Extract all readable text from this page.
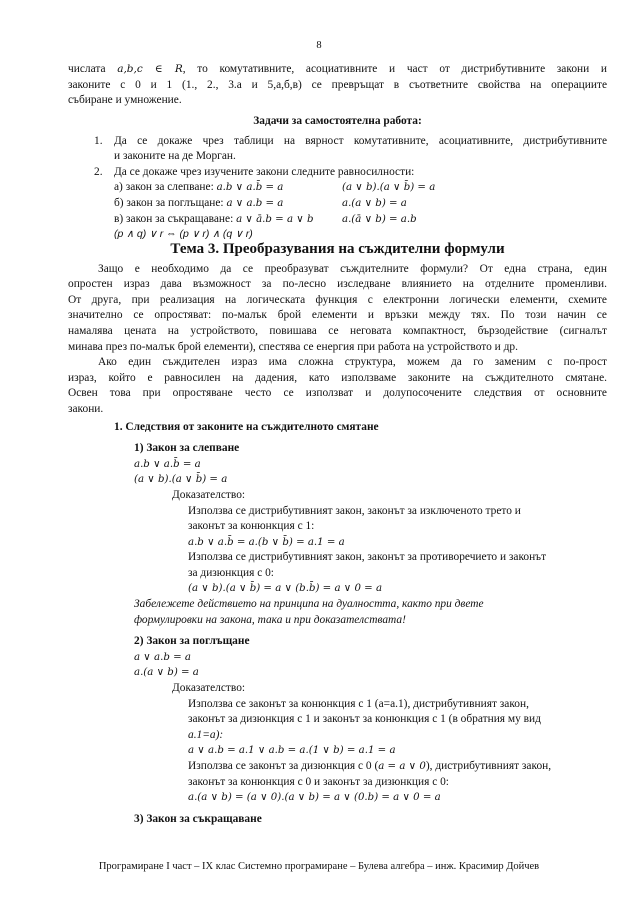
8

числата a,b,c ∈ R, то комутативните, асоциативните и част от дистрибутивните закони и

законите с 0 и 1 (1., 2., 3.а и 5,а,б,в) се превръщат в съответните свойства на операциите

събиране и умножение.

Задачи за самостоятелна работа:

1. Да се докаже чрез таблици на вярност комутативните, асоциативните, дистрибутивните

и законите на де Морган.

2. Да се докаже чрез изучените закони следните равносилности:

а) закон за слепване: a.b ∨ a.b̄ = a	(a ∨ b).(a ∨ b̄) = a
б) закон за поглъщане: a ∨ a.b = a	a.(a ∨ b) = a
в) закон за съкращаване: a ∨ ā.b = a ∨ b	a.(ā ∨ b) = a.b

(p ∧ q) ∨ r ⇔ (p ∨ r) ∧ (q ∨ r)

Тема 3. Преобразувания на съждителни формули

Защо е необходимо да се преобразуват съждителните формули? От една страна, един

опростен израз дава възможност за по-лесно изследване влиянието на отделните променливи.

От друга, при реализация на логическата функция с електронни логически елементи, схемите

значително се опростяват: по-малък брой елементи и връзки между тях. По този начин се

намалява цената на устройството, повишава се неговата компактност, бързодействие (сигналът

минава през по-малък брой елементи), спестява се енергия при работа на устройството и др.

Ако един съждителен израз има сложна структура, можем да го заменим с по-прост

израз, който е равносилен на дадения, като използваме законите на съждителното смятане.

Освен това при опростяване често се използват и долупосочените следствия от основните

закони.

1. Следствия от законите на съждителното смятане

1) Закон за слепване

a.b ∨ a.b̄ = a

(a ∨ b).(a ∨ b̄) = a

Доказателство:

Използва се дистрибутивният закон, законът за изключеното трето и

законът за конюнкция с 1:

a.b ∨ a.b̄ = a.(b ∨ b̄) = a.1 = a

Използва се дистрибутивният закон, законът за противоречието и законът

за дизюнкция с 0:

(a ∨ b).(a ∨ b̄) = a ∨ (b.b̄) = a ∨ 0 = a

Забележете действието на принципа на дуалността, както при двете

формулировки на закона, така и при доказателствата!

2) Закон за поглъщане

a ∨ a.b = a

a.(a ∨ b) = a

Доказателство:

Използва се законът за конюнкция с 1 (a=a.1), дистрибутивният закон,

законът за дизюнкция с 1 и законът за конюнкция с 1 (в обратния му вид

a.1=a):

a ∨ a.b = a.1 ∨ a.b = a.(1 ∨ b) = a.1 = a

Използва се законът за дизюнкция с 0 (a = a ∨ 0), дистрибутивният закон,

законът за конюнкция с 0 и законът за дизюнкция с 0:

a.(a ∨ b) = (a ∨ 0).(a ∨ b) = a ∨ (0.b) = a ∨ 0 = a

3) Закон за съкращаване

Програмиране I част – IX клас Системно програмиране – Булева алгебра – инж. Красимир Дойчев
